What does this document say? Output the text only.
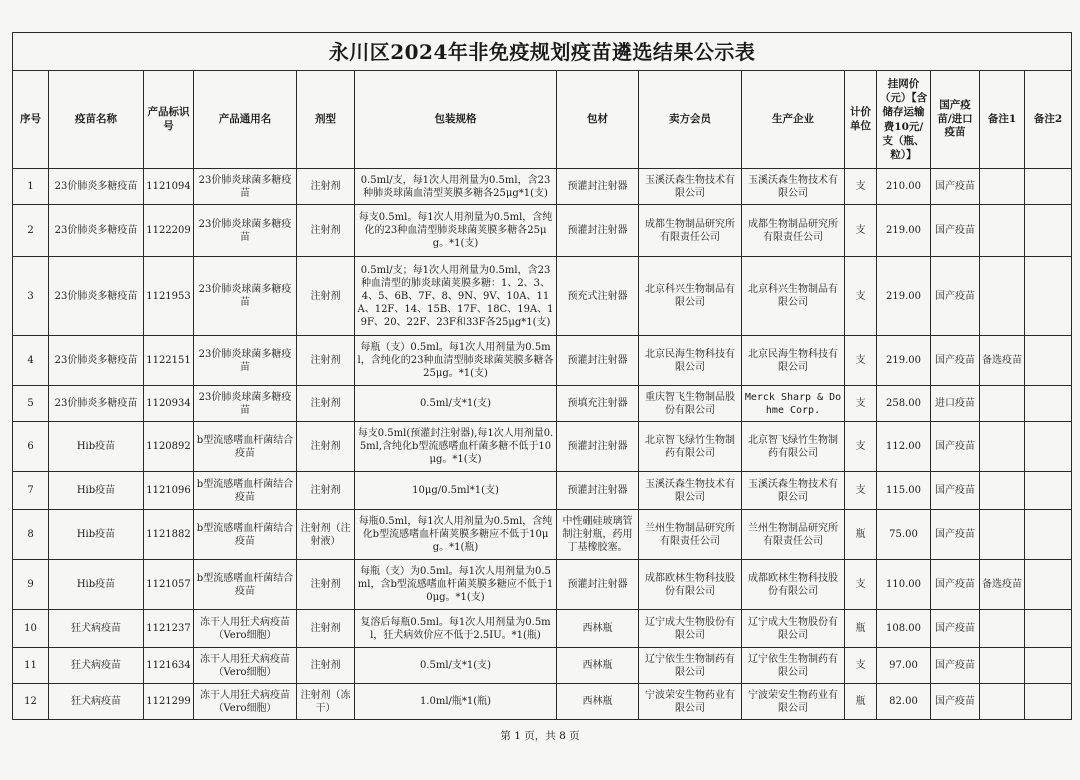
永川区2024年非免疫规划疫苗遴选结果公示表													
序号	疫苗名称	产品标识号	产品通用名	剂型	包装规格	包材	卖方会员	生产企业	计价单位	挂网价（元）【含储存运输费10元/支（瓶、粒）】	国产疫苗/进口疫苗	备注1	备注2
1	23价肺炎多糖疫苗	1121094	23价肺炎球菌多糖疫苗	注射剂	0.5ml/支，每1次人用剂量为0.5ml，含23种肺炎球菌血清型荚膜多糖各25μg*1(支)	预灌封注射器	玉溪沃森生物技术有限公司	玉溪沃森生物技术有限公司	支	210.00	国产疫苗		
2	23价肺炎多糖疫苗	1122209	23价肺炎球菌多糖疫苗	注射剂	每支0.5ml。每1次人用剂量为0.5ml，含纯化的23种血清型肺炎球菌荚膜多糖各25μg。*1(支)	预灌封注射器	成都生物制品研究所有限责任公司	成都生物制品研究所有限责任公司	支	219.00	国产疫苗		
3	23价肺炎多糖疫苗	1121953	23价肺炎球菌多糖疫苗	注射剂	0.5ml/支；每1次人用剂量为0.5ml，含23种血清型的肺炎球菌荚膜多糖：1、2、3、4、5、6B、7F、8、9N、9V、10A、11A、12F、14、15B、17F、18C、19A、19F、20、22F、23F和33F各25μg*1(支)	预充式注射器	北京科兴生物制品有限公司	北京科兴生物制品有限公司	支	219.00	国产疫苗		
4	23价肺炎多糖疫苗	1122151	23价肺炎球菌多糖疫苗	注射剂	每瓶（支）0.5ml。每1次人用剂量为0.5ml，含纯化的23种血清型肺炎球菌荚膜多糖各25μg。*1(支)	预灌封注射器	北京民海生物科技有限公司	北京民海生物科技有限公司	支	219.00	国产疫苗	备选疫苗	
5	23价肺炎多糖疫苗	1120934	23价肺炎球菌多糖疫苗	注射剂	0.5ml/支*1(支)	预填充注射器	重庆智飞生物制品股份有限公司	Merck Sharp & Dohme Corp.	支	258.00	进口疫苗		
6	Hib疫苗	1120892	b型流感嗜血杆菌结合疫苗	注射剂	每支0.5ml(预灌封注射器),每1次人用剂量0.5ml,含纯化b型流感嗜血杆菌多糖不低于10μg。*1(支)	预灌封注射器	北京智飞绿竹生物制药有限公司	北京智飞绿竹生物制药有限公司	支	112.00	国产疫苗		
7	Hib疫苗	1121096	b型流感嗜血杆菌结合疫苗	注射剂	10μg/0.5ml*1(支)	预灌封注射器	玉溪沃森生物技术有限公司	玉溪沃森生物技术有限公司	支	115.00	国产疫苗		
8	Hib疫苗	1121882	b型流感嗜血杆菌结合疫苗	注射剂（注射液）	每瓶0.5ml，每1次人用剂量为0.5ml，含纯化b型流感嗜血杆菌荚膜多糖应不低于10μg。*1(瓶)	中性硼硅玻璃管制注射瓶，药用丁基橡胶塞。	兰州生物制品研究所有限责任公司	兰州生物制品研究所有限责任公司	瓶	75.00	国产疫苗		
9	Hib疫苗	1121057	b型流感嗜血杆菌结合疫苗	注射剂	每瓶（支）为0.5ml。每1次人用剂量为0.5ml，含b型流感嗜血杆菌荚膜多糖应不低于10μg。*1(支)	预灌封注射器	成都欧林生物科技股份有限公司	成都欧林生物科技股份有限公司	支	110.00	国产疫苗	备选疫苗	
10	狂犬病疫苗	1121237	冻干人用狂犬病疫苗（Vero细胞）	注射剂	复溶后每瓶0.5ml。每1次人用剂量为0.5ml，狂犬病效价应不低于2.5IU。*1(瓶)	西林瓶	辽宁成大生物股份有限公司	辽宁成大生物股份有限公司	瓶	108.00	国产疫苗		
11	狂犬病疫苗	1121634	冻干人用狂犬病疫苗（Vero细胞）	注射剂	0.5ml/支*1(支)	西林瓶	辽宁依生生物制药有限公司	辽宁依生生物制药有限公司	支	97.00	国产疫苗		
12	狂犬病疫苗	1121299	冻干人用狂犬病疫苗（Vero细胞）	注射剂（冻干）	1.0ml/瓶*1(瓶)	西林瓶	宁波荣安生物药业有限公司	宁波荣安生物药业有限公司	瓶	82.00	国产疫苗		
第 1 页，共 8 页
